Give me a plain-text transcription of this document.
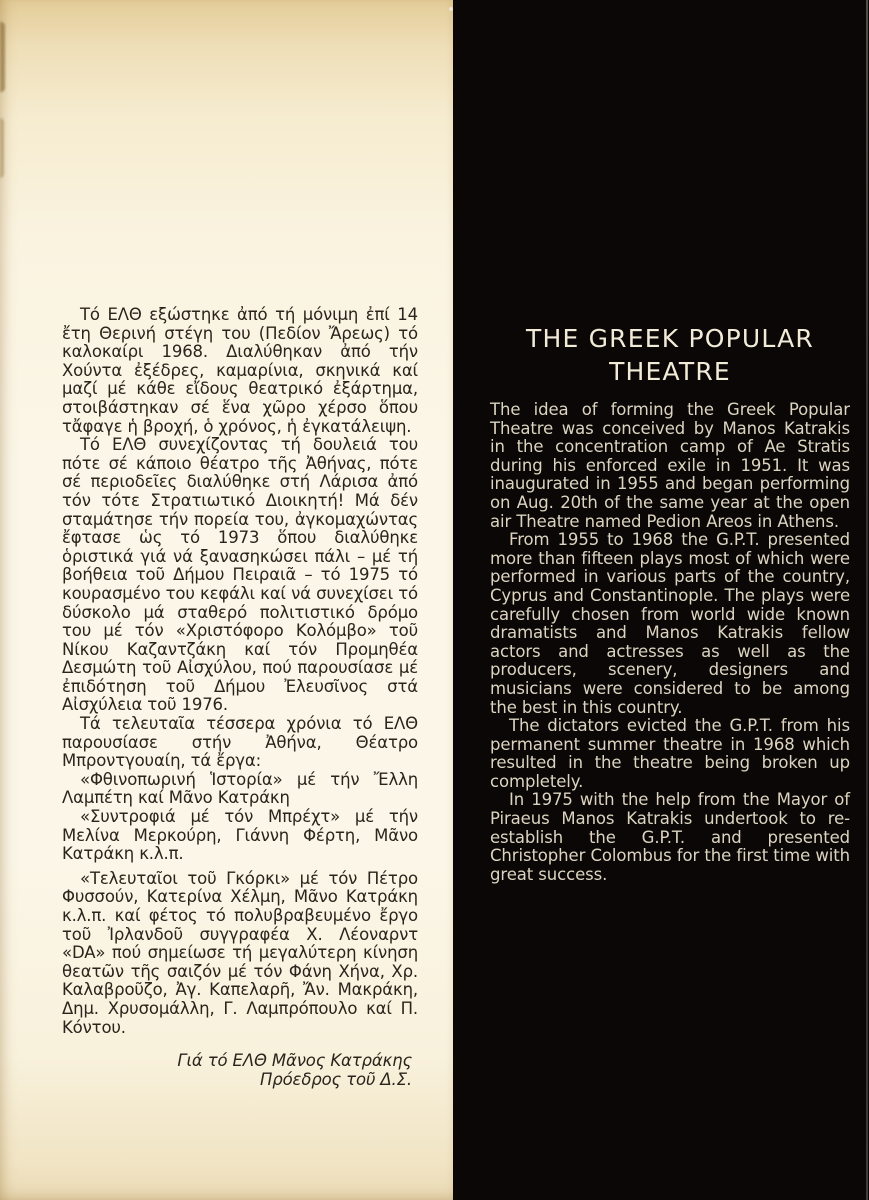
Τό ΕΛΘ εξώστηκε ἀπό τή μόνιμη ἐπί 14 ἔτη Θερινή στέγη του (Πεδίον Ἄρεως) τό καλοκαίρι 1968. Διαλύθηκαν ἀπό τήν Χούντα ἐξέδρες, καμαρίνια, σκηνικά καί μαζί μέ κάθε εἴδους θεατρικό ἐξάρτημα, στοιβάστηκαν σέ ἕνα χῶρο χέρσο ὅπου τἄφαγε ἡ βροχή, ὁ χρόνος, ἡ ἐγκατάλειψη.

Τό ΕΛΘ συνεχίζοντας τή δουλειά του πότε σέ κάποιο θέατρο τῆς Ἀθήνας, πότε σέ περιοδεῖες διαλύθηκε στή Λάρισα ἀπό τόν τότε Στρατιωτικό Διοικητή! Μά δέν σταμάτησε τήν πορεία του, ἀγκομαχώντας ἔφτασε ὡς τό 1973 ὅπου διαλύθηκε ὁριστικά γιά νά ξανασηκώσει πάλι – μέ τή βοήθεια τοῦ Δήμου Πειραιᾶ – τό 1975 τό κουρασμένο του κεφάλι καί νά συνεχίσει τό δύσκολο μά σταθερό πολιτιστικό δρόμο του μέ τόν «Χριστόφορο Κολόμβο» τοῦ Νίκου Καζαντζάκη καί τόν Προμηθέα Δεσμώτη τοῦ Αἰσχύλου, πού παρουσίασε μέ ἐπιδότηση τοῦ Δήμου Ἐλευσῖνος στά Αἰσχύλεια τοῦ 1976.

Τά τελευταῖα τέσσερα χρόνια τό ΕΛΘ παρουσίασε στήν Ἀθήνα, Θέατρο Μπροντγουαίη, τά ἔργα:

«Φθινοπωρινή Ἱστορία» μέ τήν Ἔλλη Λαμπέτη καί Μᾶνο Κατράκη

«Συντροφιά μέ τόν Μπρέχτ» μέ τήν Μελίνα Μερκούρη, Γιάννη Φέρτη, Μᾶνο Κατράκη κ.λ.π.

«Τελευταῖοι τοῦ Γκόρκι» μέ τόν Πέτρο Φυσσούν, Κατερίνα Χέλμη, Μᾶνο Κατράκη κ.λ.π. καί φέτος τό πολυβραβευμένο ἔργο τοῦ Ἰρλανδοῦ συγγραφέα Χ. Λέοναρντ «DA» πού σημείωσε τή μεγαλύτερη κίνηση θεατῶν τῆς σαιζόν μέ τόν Φάνη Χήνα, Χρ. Καλαβροῦζο, Ἀγ. Καπελαρῆ, Ἄν. Μακράκη, Δημ. Χρυσομάλλη, Γ. Λαμπρόπουλο καί Π. Κόντου.

Γιά τό ΕΛΘ Μᾶνος Κατράκης
Πρόεδρος τοῦ Δ.Σ.
THE GREEK POPULAR
THEATRE

The idea of forming the Greek Popular Theatre was conceived by Manos Katrakis in the concentration camp of Ae Stratis during his enforced exile in 1951. It was inaugurated in 1955 and began performing on Aug. 20th of the same year at the open air Theatre named Pedion Areos in Athens.

From 1955 to 1968 the G.P.T. presented more than fifteen plays most of which were performed in various parts of the country, Cyprus and Constantinople. The plays were carefully chosen from world wide known dramatists and Manos Katrakis fellow actors and actresses as well as the producers, scenery, designers and musicians were considered to be among the best in this country.

The dictators evicted the G.P.T. from his permanent summer theatre in 1968 which resulted in the theatre being broken up completely.

In 1975 with the help from the Mayor of Piraeus Manos Katrakis undertook to re-establish the G.P.T. and presented Christopher Colombus for the first time with great success.
